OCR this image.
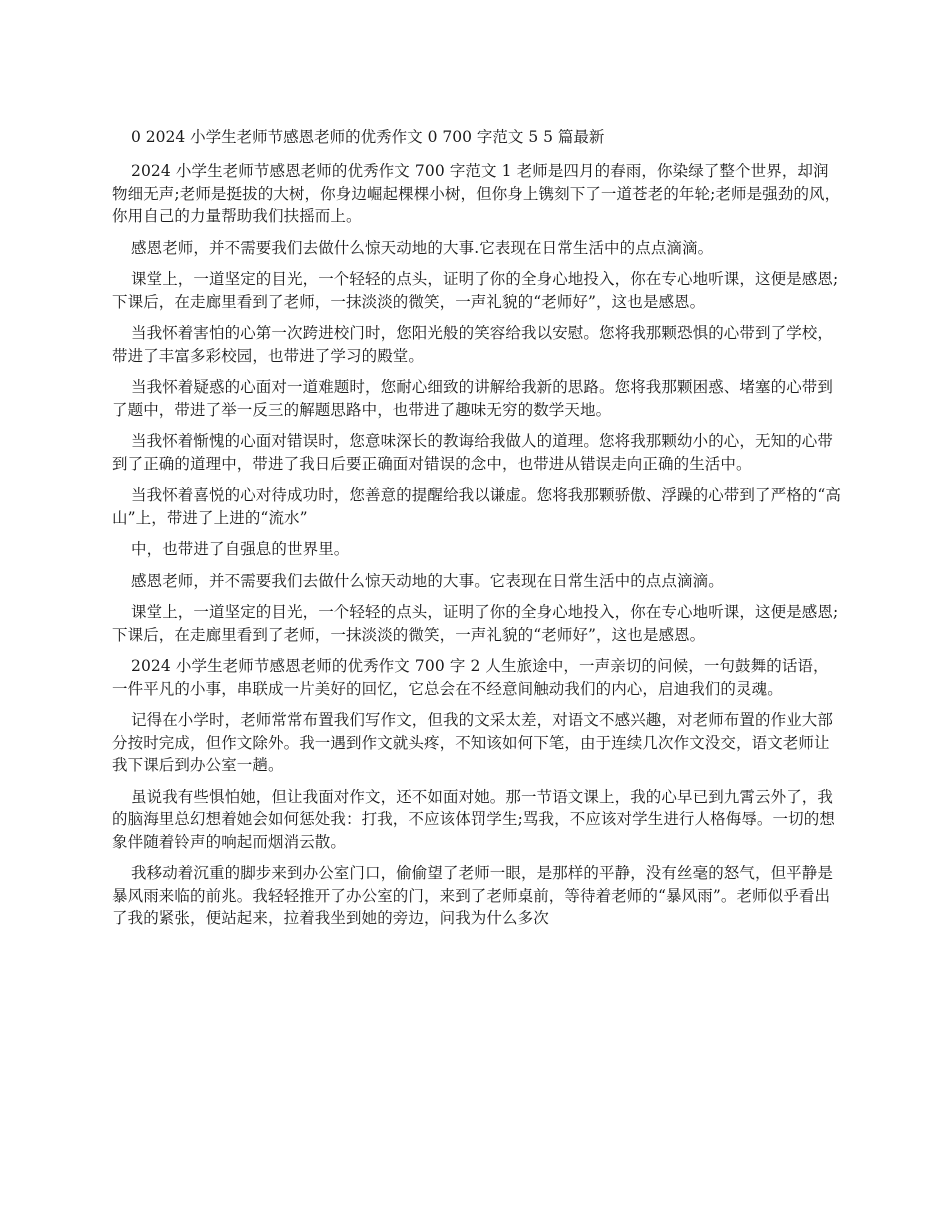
0 2024 小学生老师节感恩老师的优秀作文 0 700 字范文 5 5 篇最新

2024 小学生老师节感恩老师的优秀作文 700 字范文 1 老师是四月的春雨，你染绿了整个世界，却润物细无声;老师是挺拔的大树，你身边崛起棵棵小树，但你身上镌刻下了一道苍老的年轮;老师是强劲的风，你用自己的力量帮助我们扶摇而上。

感恩老师，并不需要我们去做什么惊天动地的大事.它表现在日常生活中的点点滴滴。

课堂上，一道坚定的目光，一个轻轻的点头，证明了你的全身心地投入，你在专心地听课，这便是感恩;下课后，在走廊里看到了老师，一抹淡淡的微笑，一声礼貌的“老师好”，这也是感恩。

当我怀着害怕的心第一次跨进校门时，您阳光般的笑容给我以安慰。您将我那颗恐惧的心带到了学校，带进了丰富多彩校园，也带进了学习的殿堂。

当我怀着疑惑的心面对一道难题时，您耐心细致的讲解给我新的思路。您将我那颗困惑、堵塞的心带到了题中，带进了举一反三的解题思路中，也带进了趣味无穷的数学天地。

当我怀着惭愧的心面对错误时，您意味深长的教诲给我做人的道理。您将我那颗幼小的心，无知的心带到了正确的道理中，带进了我日后要正确面对错误的念中，也带进从错误走向正确的生活中。

当我怀着喜悦的心对待成功时，您善意的提醒给我以谦虚。您将我那颗骄傲、浮躁的心带到了严格的“高山”上，带进了上进的“流水”

中，也带进了自强息的世界里。

感恩老师，并不需要我们去做什么惊天动地的大事。它表现在日常生活中的点点滴滴。

课堂上，一道坚定的目光，一个轻轻的点头，证明了你的全身心地投入，你在专心地听课，这便是感恩;下课后，在走廊里看到了老师，一抹淡淡的微笑，一声礼貌的“老师好”，这也是感恩。

2024 小学生老师节感恩老师的优秀作文 700 字 2 人生旅途中，一声亲切的问候，一句鼓舞的话语，一件平凡的小事，串联成一片美好的回忆，它总会在不经意间触动我们的内心，启迪我们的灵魂。

记得在小学时，老师常常布置我们写作文，但我的文采太差，对语文不感兴趣，对老师布置的作业大部分按时完成，但作文除外。我一遇到作文就头疼，不知该如何下笔，由于连续几次作文没交，语文老师让我下课后到办公室一趟。

虽说我有些惧怕她，但让我面对作文，还不如面对她。那一节语文课上，我的心早已到九霄云外了，我的脑海里总幻想着她会如何惩处我：打我，不应该体罚学生;骂我，不应该对学生进行人格侮辱。一切的想象伴随着铃声的响起而烟消云散。

我移动着沉重的脚步来到办公室门口，偷偷望了老师一眼，是那样的平静，没有丝毫的怒气，但平静是暴风雨来临的前兆。我轻轻推开了办公室的门，来到了老师桌前，等待着老师的“暴风雨”。老师似乎看出了我的紧张，便站起来，拉着我坐到她的旁边，问我为什么多次
